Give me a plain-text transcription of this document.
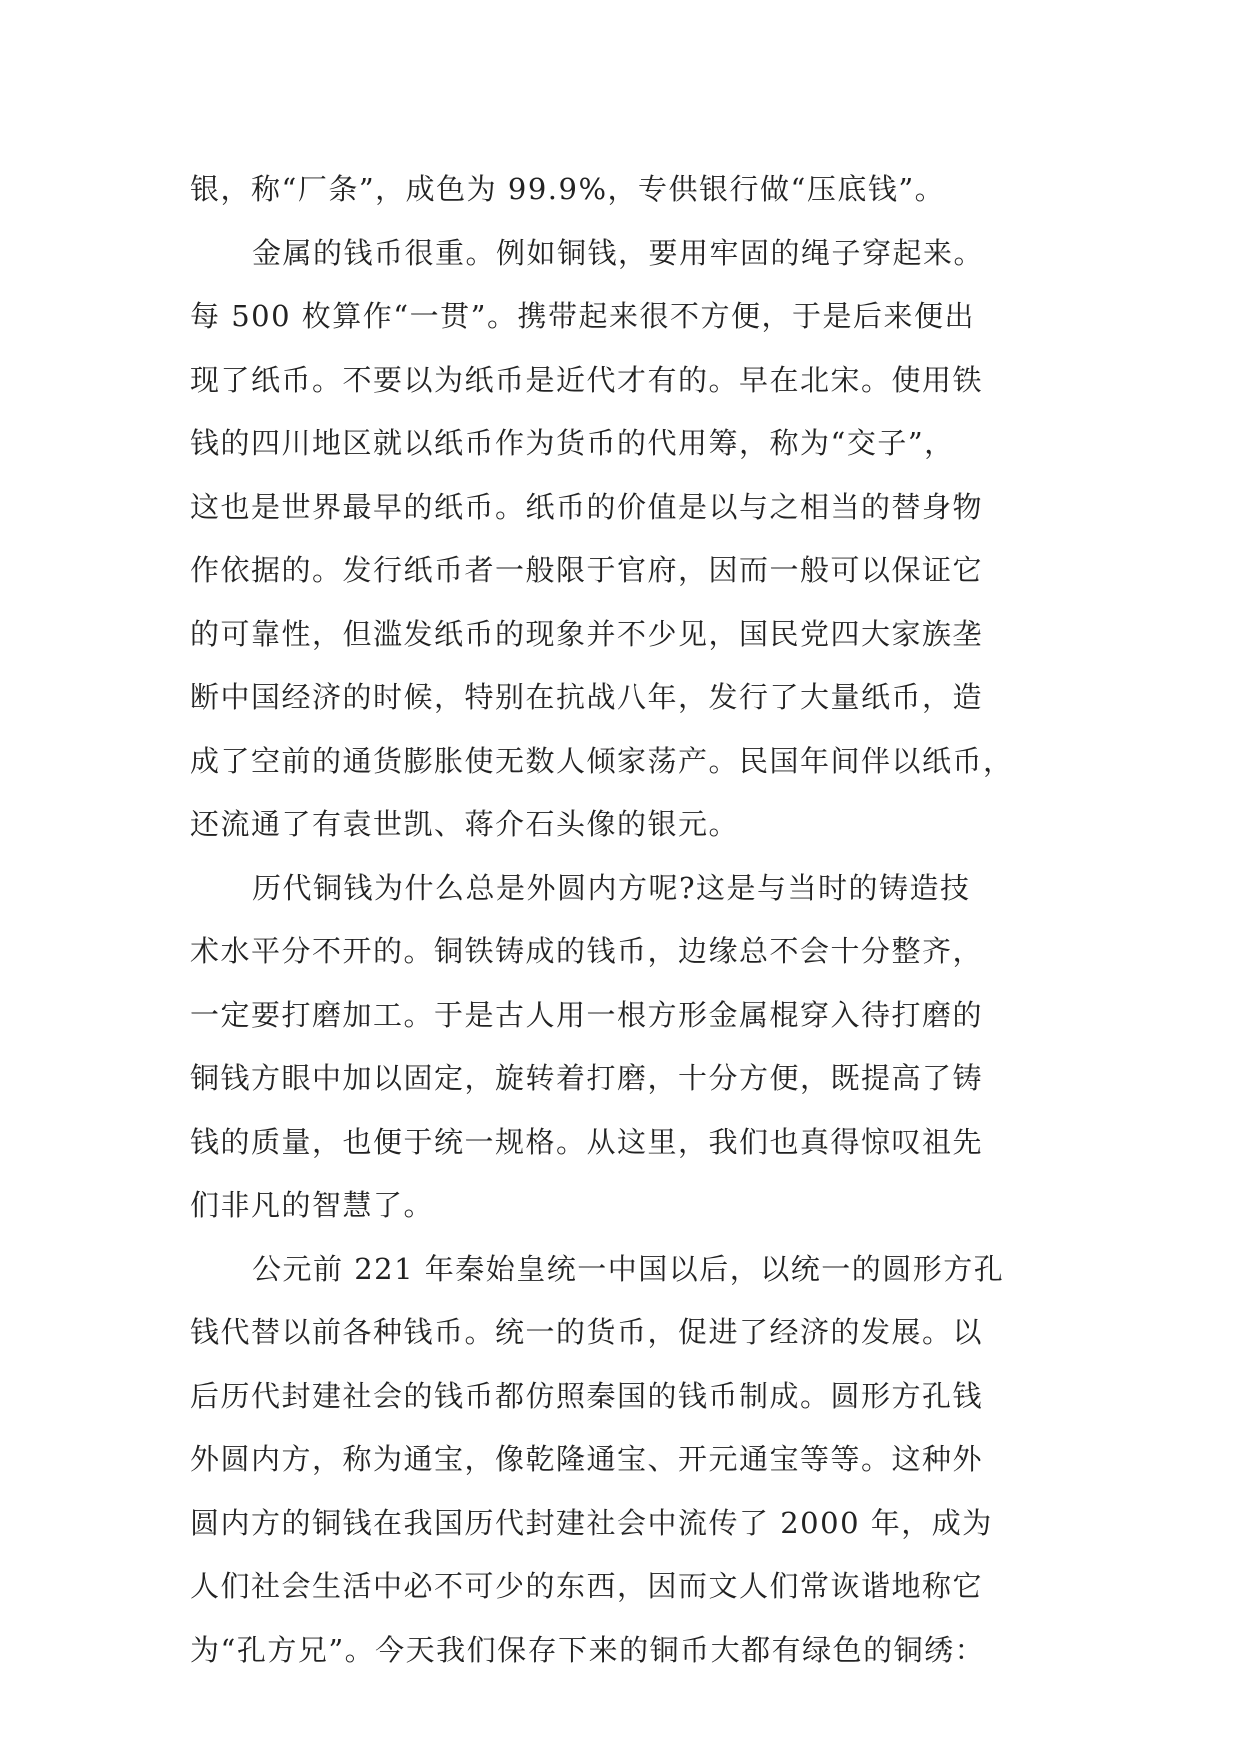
银，称“厂条”，成色为 99.9%，专供银行做“压底钱”。
金属的钱币很重。例如铜钱，要用牢固的绳子穿起来。
每 500 枚算作“一贯”。携带起来很不方便，于是后来便出
现了纸币。不要以为纸币是近代才有的。早在北宋。使用铁
钱的四川地区就以纸币作为货币的代用筹，称为“交子”，
这也是世界最早的纸币。纸币的价值是以与之相当的替身物
作依据的。发行纸币者一般限于官府，因而一般可以保证它
的可靠性，但滥发纸币的现象并不少见，国民党四大家族垄
断中国经济的时候，特别在抗战八年，发行了大量纸币，造
成了空前的通货膨胀使无数人倾家荡产。民国年间伴以纸币，
还流通了有袁世凯、蒋介石头像的银元。
历代铜钱为什么总是外圆内方呢?这是与当时的铸造技
术水平分不开的。铜铁铸成的钱币，边缘总不会十分整齐，
一定要打磨加工。于是古人用一根方形金属棍穿入待打磨的
铜钱方眼中加以固定，旋转着打磨，十分方便，既提高了铸
钱的质量，也便于统一规格。从这里，我们也真得惊叹祖先
们非凡的智慧了。
公元前 221 年秦始皇统一中国以后，以统一的圆形方孔
钱代替以前各种钱币。统一的货币，促进了经济的发展。以
后历代封建社会的钱币都仿照秦国的钱币制成。圆形方孔钱
外圆内方，称为通宝，像乾隆通宝、开元通宝等等。这种外
圆内方的铜钱在我国历代封建社会中流传了 2000 年，成为
人们社会生活中必不可少的东西，因而文人们常诙谐地称它
为“孔方兄”。今天我们保存下来的铜币大都有绿色的铜绣：
